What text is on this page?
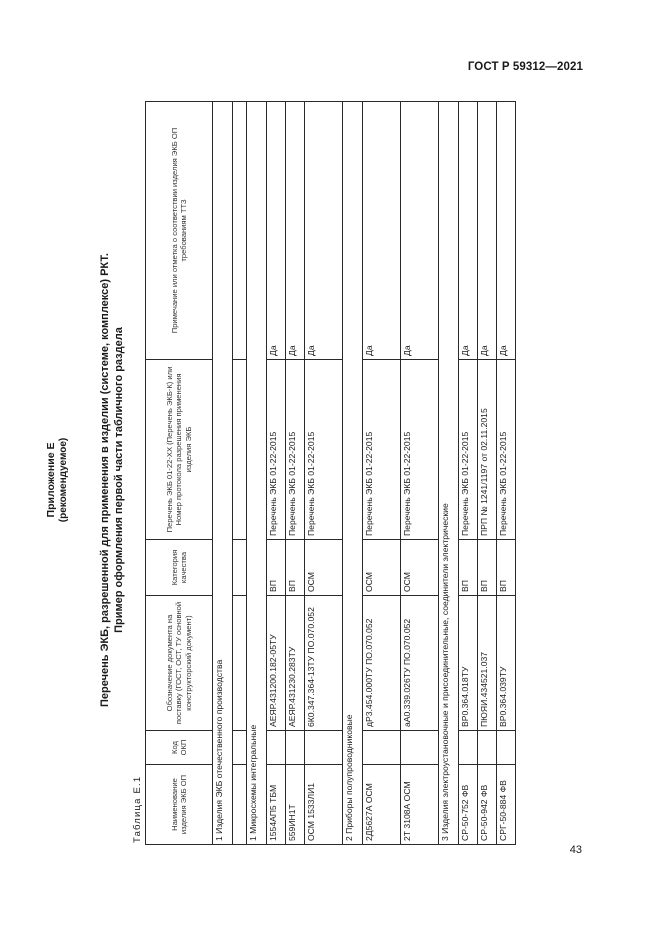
ГОСТ Р 59312—2021
Приложение Е (рекомендуемое)	Перечень ЭКБ, разрешенной для применения в изделии (системе, комплексе) РКТ. Пример оформления первой части табличного раздела
Таблица Е.1	Наименование изделия ЭКБ ОП	Код ОКП	Обозначение документа на поставку (ГОСТ, ОСТ, ТУ основной конструкторский документ)	Категория качества	Перечень ЭКБ 01-22-XX (Перечень ЭКБ-К) или Номер протокола разрешения применения изделия ЭКБ	Примечание или отметка о соответствии изделия ЭКБ ОП требованиям ТТЗ
1 Изделия ЭКБ отечественного производства					

1 Микросхемы интегральные					
1554АП5 ТБМ		АЕЯР.431200.182-05ТУ	ВП	Перечень ЭКБ 01-22-2015	Да
559ИН1Т		АЕЯР.431230.283ТУ	ВП	Перечень ЭКБ 01-22-2015	Да
ОСМ 1533ЛИ1		6К0.347.364-13ТУ ПО.070.052	ОСМ	Перечень ЭКБ 01-22-2015	Да
2 Приборы полупроводниковые					
2Д5627А ОСМ		дР3.454.000ТУ ПО.070.052	ОСМ	Перечень ЭКБ 01-22-2015	Да
2Т 3108А ОСМ		аА0.339.026ТУ ПО.070.052	ОСМ	Перечень ЭКБ 01-22-2015	Да
3 Изделия электроустановочные и присоединительные, соединители электрические					
СР-50-752 ФВ		ВР0.364.018ТУ	ВП	Перечень ЭКБ 01-22-2015	Да
СР-50-942 ФВ		ПЮЯИ.434521.037	ВП	ПРП № 1241/1197 от 02.11.2015	Да
СРГ-50-884 ФВ		ВР0.364.039ТУ	ВП	Перечень ЭКБ 01-22-2015	Да
43
